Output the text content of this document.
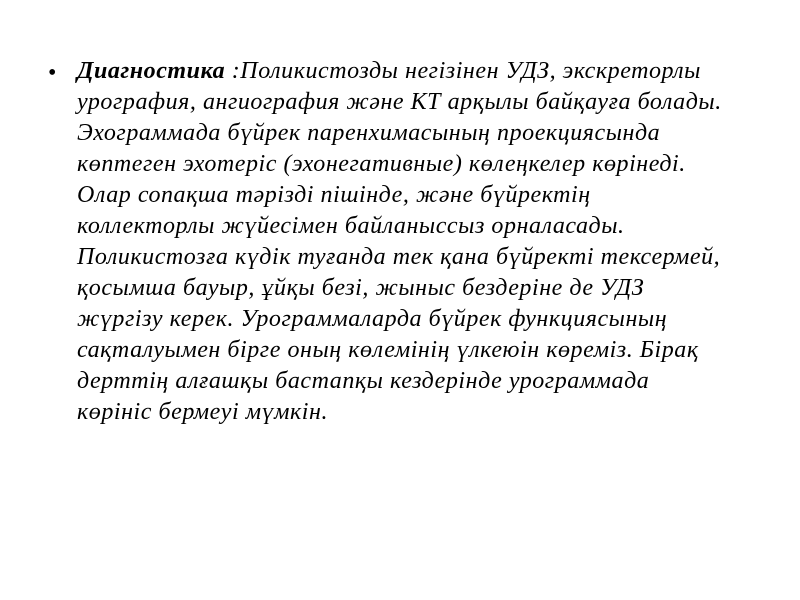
• Диагностика :Поликистозды негізінен УДЗ, экскреторлы урография, ангиография және КТ арқылы байқауға болады. Эхограммада бүйрек паренхимасының проекциясында көптеген эхотеріс (эхонегативные) көлеңкелер көрінеді. Олар сопақша тәрізді пішінде, және бүйректің коллекторлы жүйесімен байланыссыз орналасады. Поликистозға күдік туғанда тек қана бүйректі тексермей, қосымша бауыр, ұйқы безі, жыныс бездеріне де УДЗ жүргізу керек. Урограммаларда бүйрек функциясының сақталуымен бірге оның көлемінің үлкеюін көреміз. Бірақ дерттің алғашқы бастапқы кездерінде урограммада көрініс бермеуі мүмкін.
